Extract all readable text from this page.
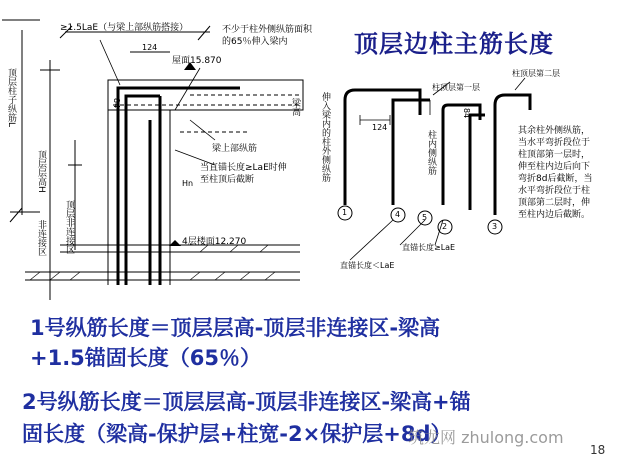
≥1.5LaE（与梁上部纵筋搭接）	不少于柱外侧纵筋面积的65％伸入梁内
124
屋面15.870
84	梁高
梁上部纵筋
当直锚长度≥LaE时伸至柱顶后截断
4层楼面12.270
顶层柱子纵筋L
顶层层高H
顶层非连接区
非连接区
Hn
顶层边柱主筋长度
柱顶层第二层
柱顶层第一层
伸入梁内的柱外侧纵筋	柱内侧纵筋
124
84
其余柱外侧纵筋，当水平弯折段位于柱顶部第一层时，伸至柱内边后向下弯折8d后截断，当水平弯折段位于柱顶部第二层时，伸至柱内边后截断。
1	4	5
2	3
直锚长度≥LaE
直锚长度＜LaE
1号纵筋长度＝顶层层高-顶层非连接区-梁高
+1.5锚固长度（65％）
2号纵筋长度＝顶层层高-顶层非连接区-梁高+锚
固长度（梁高-保护层+柱宽-2×保护层+8d）
筑龙网 zhulong.com
18
